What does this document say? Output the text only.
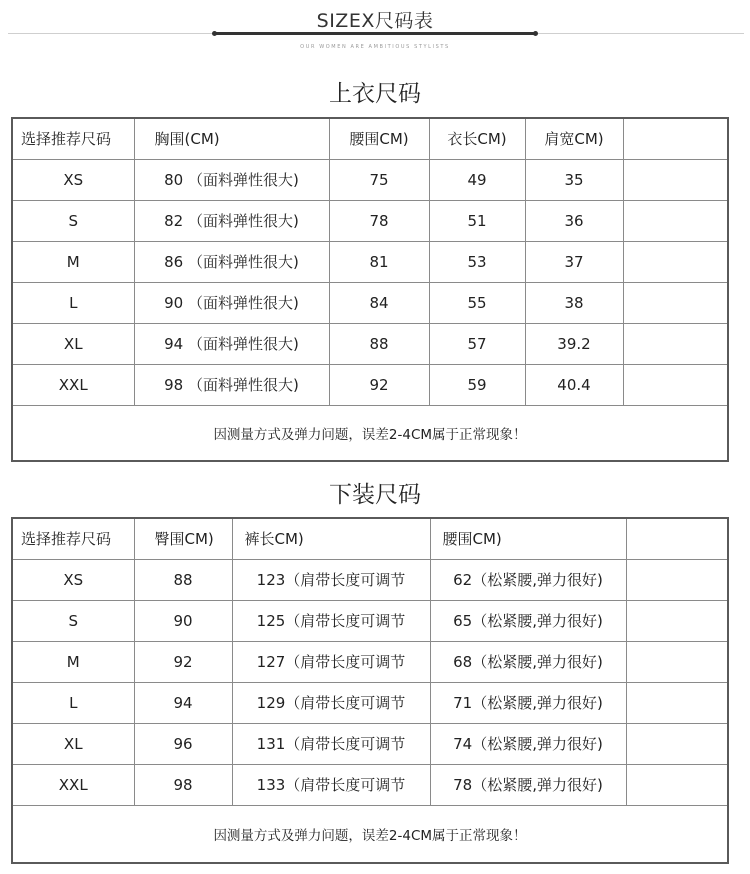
SIZEX尺码表
OUR WOMEN ARE AMBITIOUS STYLISTS
上衣尺码
选择推荐尺码	胸围(CM)	腰围CM)	衣长CM)	肩宽CM)	
XS	80 （面料弹性很大)	75	49	35	
S	82 （面料弹性很大)	78	51	36	
M	86 （面料弹性很大)	81	53	37	
L	90 （面料弹性很大)	84	55	38	
XL	94 （面料弹性很大)	88	57	39.2	
XXL	98 （面料弹性很大)	92	59	40.4	
因测量方式及弹力问题，误差2-4CM属于正常现象！					
下装尺码
选择推荐尺码	臀围CM)	裤长CM)	腰围CM)	
XS	88	123（肩带长度可调节	62（松紧腰,弹力很好)	
S	90	125（肩带长度可调节	65（松紧腰,弹力很好)	
M	92	127（肩带长度可调节	68（松紧腰,弹力很好)	
L	94	129（肩带长度可调节	71（松紧腰,弹力很好)	
XL	96	131（肩带长度可调节	74（松紧腰,弹力很好)	
XXL	98	133（肩带长度可调节	78（松紧腰,弹力很好)	
因测量方式及弹力问题，误差2-4CM属于正常现象！				
